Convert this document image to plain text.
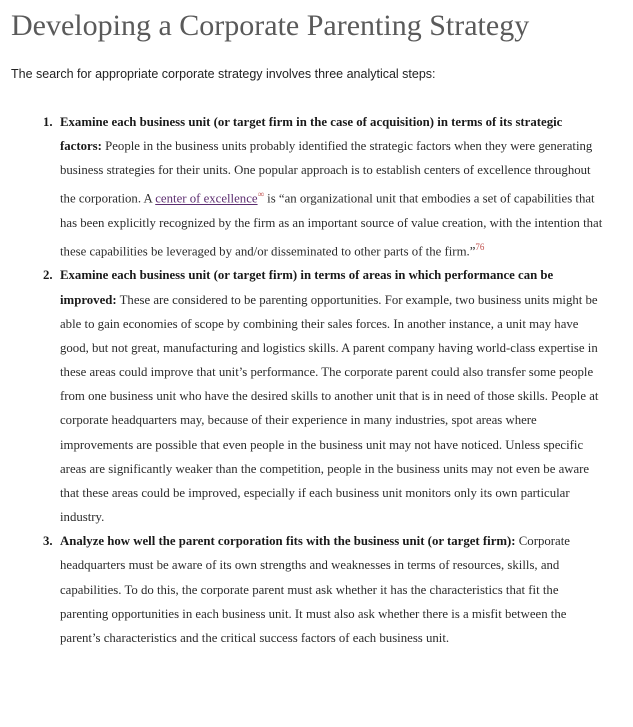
Developing a Corporate Parenting Strategy

The search for appropriate corporate strategy involves three analytical steps:

1. Examine each business unit (or target firm in the case of acquisition) in terms of its strategic factors: People in the business units probably identified the strategic factors when they were generating business strategies for their units. One popular approach is to establish centers of excellence throughout the corporation. A center of excellence∞ is “an organizational unit that embodies a set of capabilities that has been explicitly recognized by the firm as an important source of value creation, with the intention that these capabilities be leveraged by and/or disseminated to other parts of the firm.”$^{76}$
2. Examine each business unit (or target firm) in terms of areas in which performance can be improved: These are considered to be parenting opportunities. For example, two business units might be able to gain economies of scope by combining their sales forces. In another instance, a unit may have good, but not great, manufacturing and logistics skills. A parent company having world-class expertise in these areas could improve that unit’s performance. The corporate parent could also transfer some people from one business unit who have the desired skills to another unit that is in need of those skills. People at corporate headquarters may, because of their experience in many industries, spot areas where improvements are possible that even people in the business unit may not have noticed. Unless specific areas are significantly weaker than the competition, people in the business units may not even be aware that these areas could be improved, especially if each business unit monitors only its own particular industry.
3. Analyze how well the parent corporation fits with the business unit (or target firm): Corporate headquarters must be aware of its own strengths and weaknesses in terms of resources, skills, and capabilities. To do this, the corporate parent must ask whether it has the characteristics that fit the parenting opportunities in each business unit. It must also ask whether there is a misfit between the parent’s characteristics and the critical success factors of each business unit.
